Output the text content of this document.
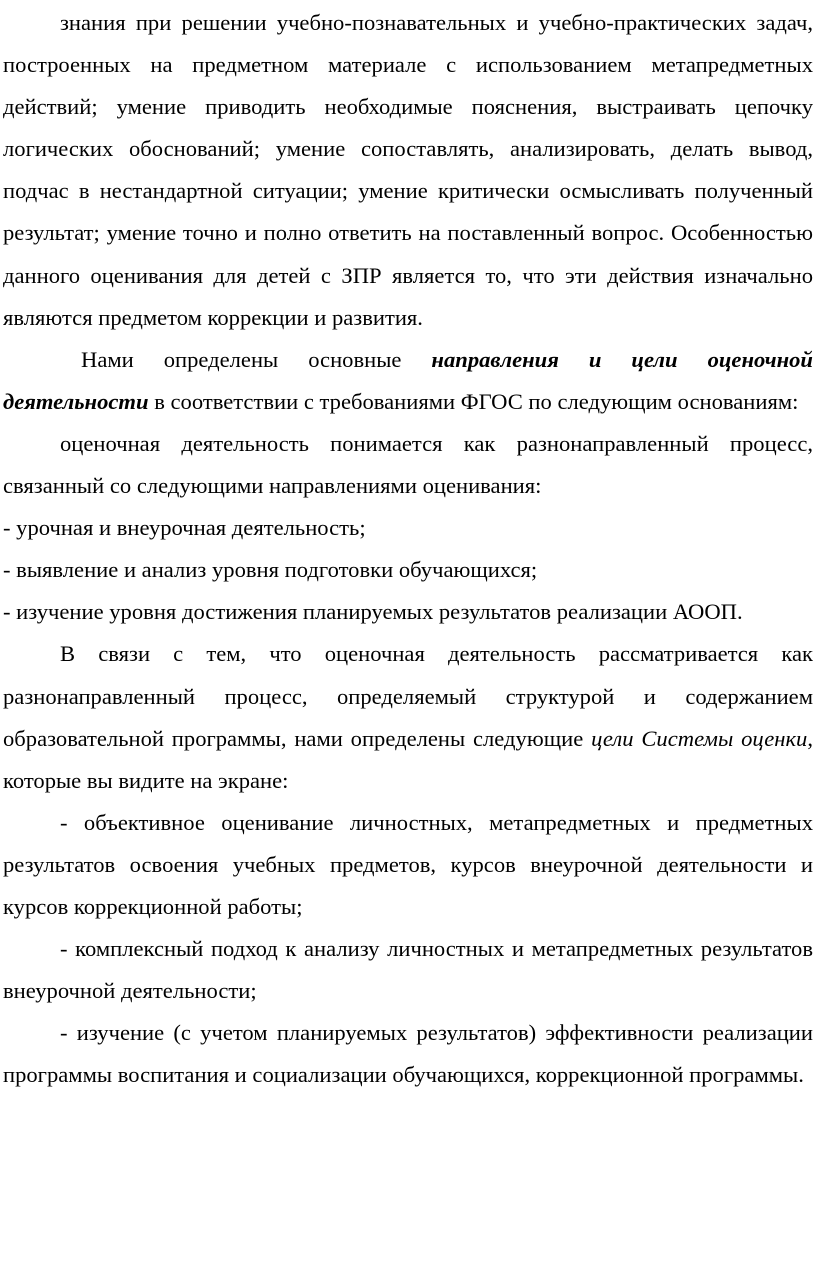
знания при решении учебно-познавательных и учебно-практических задач, построенных на предметном материале с использованием метапредметных действий; умение приводить необходимые пояснения, выстраивать цепочку логических обоснований; умение сопоставлять, анализировать, делать вывод, подчас в нестандартной ситуации; умение критически осмысливать полученный результат; умение точно и полно ответить на поставленный вопрос. Особенностью данного оценивания для детей с ЗПР является то, что эти действия изначально являются предметом коррекции и развития.

Нами определены основные направления и цели оценочной деятельности в соответствии с требованиями ФГОС по следующим основаниям:

оценочная деятельность понимается как разнонаправленный процесс, связанный со следующими направлениями оценивания:

- урочная и внеурочная деятельность;

- выявление и анализ уровня подготовки обучающихся;

- изучение уровня достижения планируемых результатов реализации АООП.

В связи с тем, что оценочная деятельность рассматривается как разнонаправленный процесс, определяемый структурой и содержанием образовательной программы, нами определены следующие цели Системы оценки, которые вы видите на экране:

- объективное оценивание личностных, метапредметных и предметных результатов освоения учебных предметов, курсов внеурочной деятельности и курсов коррекционной работы;

- комплексный подход к анализу личностных и метапредметных результатов внеурочной деятельности;

- изучение (с учетом планируемых результатов) эффективности реализации программы воспитания и социализации обучающихся, коррекционной программы.
